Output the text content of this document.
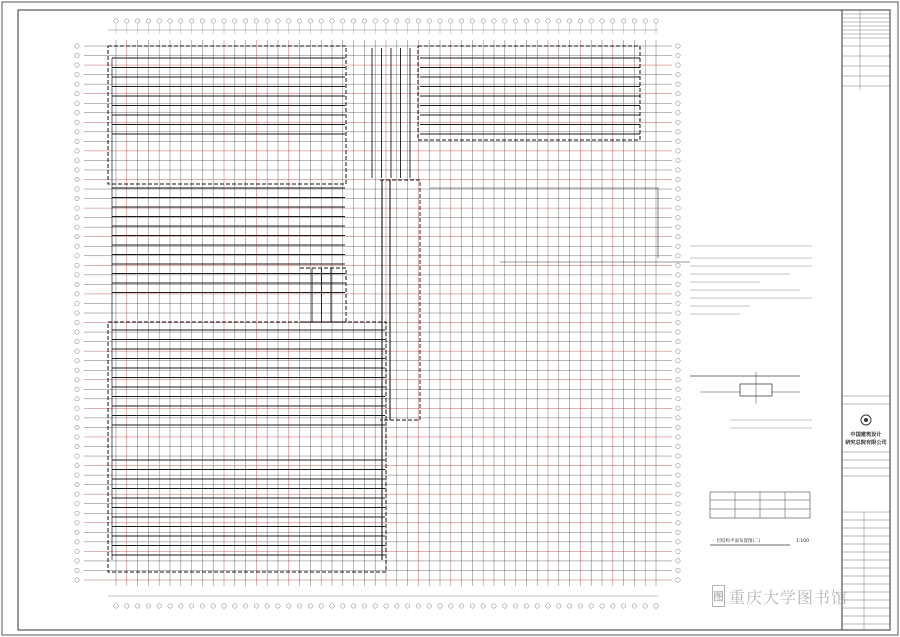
一层结构平面布置图(二)	1:100
中国建筑设计
研究总院有限公司
图 重庆大学图书馆
